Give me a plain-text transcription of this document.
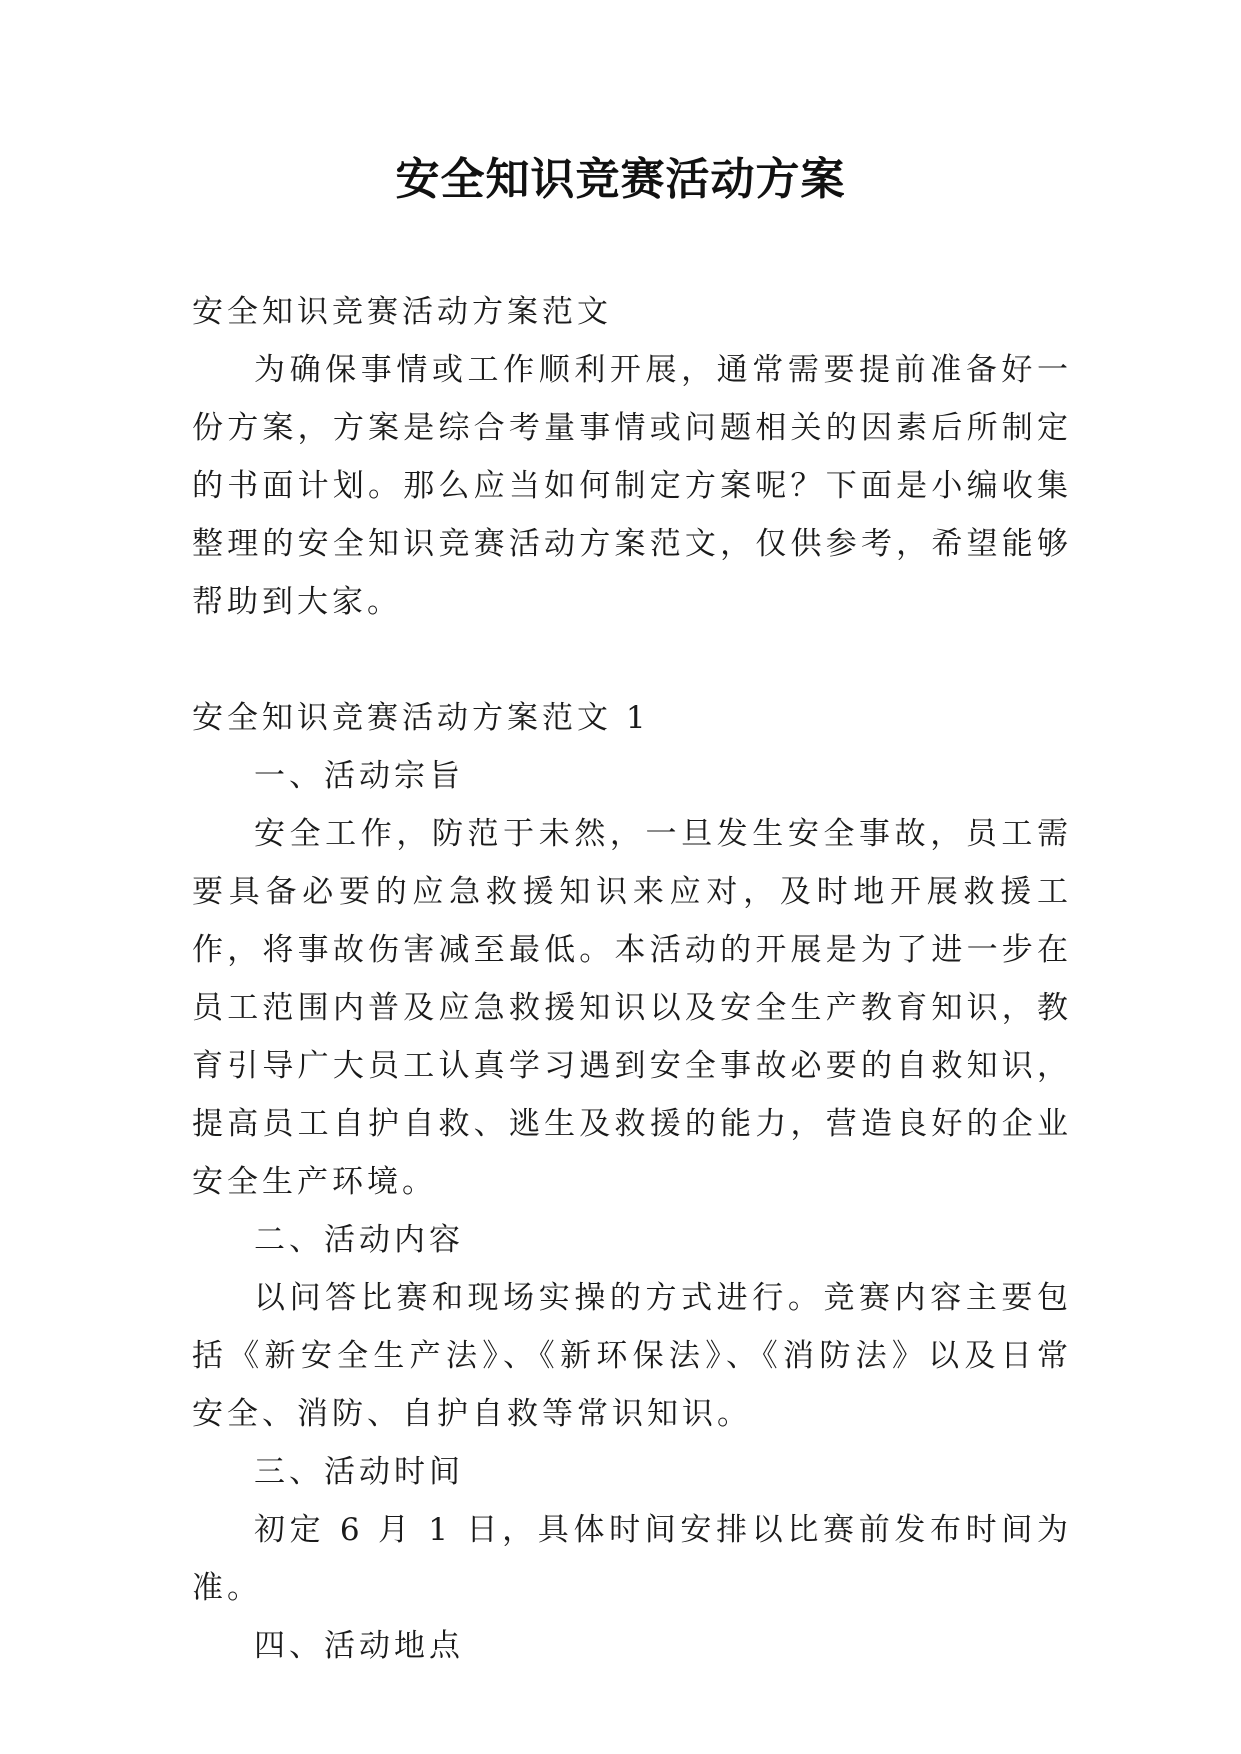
安全知识竞赛活动方案

安全知识竞赛活动方案范文

为确保事情或工作顺利开展，通常需要提前准备好一份方案，方案是综合考量事情或问题相关的因素后所制定的书面计划。那么应当如何制定方案呢？下面是小编收集整理的安全知识竞赛活动方案范文，仅供参考，希望能够帮助到大家。

安全知识竞赛活动方案范文 1

一、活动宗旨

安全工作，防范于未然，一旦发生安全事故，员工需要具备必要的应急救援知识来应对，及时地开展救援工作，将事故伤害减至最低。本活动的开展是为了进一步在员工范围内普及应急救援知识以及安全生产教育知识，教育引导广大员工认真学习遇到安全事故必要的自救知识，提高员工自护自救、逃生及救援的能力，营造良好的企业安全生产环境。

二、活动内容

以问答比赛和现场实操的方式进行。竞赛内容主要包括《新安全生产法》、《新环保法》、《消防法》以及日常安全、消防、自护自救等常识知识。

三、活动时间

初定 6 月 1 日，具体时间安排以比赛前发布时间为准。

四、活动地点
